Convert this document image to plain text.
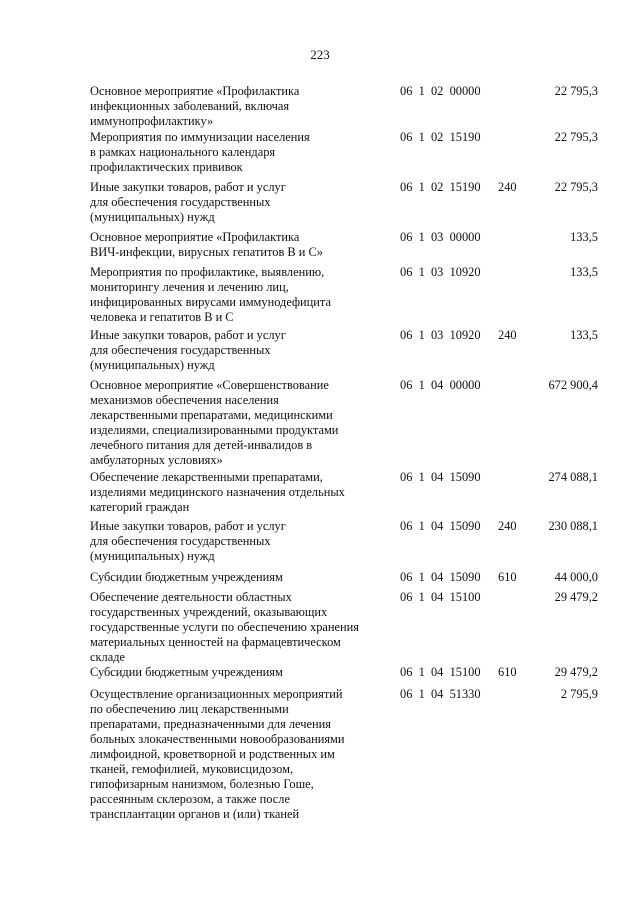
223
Основное мероприятие «Профилактика
инфекционных заболеваний, включая
иммунопрофилактику»
06  1  02  00000	22 795,3
Мероприятия по иммунизации населения
в рамках национального календаря
профилактических прививок
06  1  02  15190	22 795,3
Иные закупки товаров, работ и услуг
для обеспечения государственных
(муниципальных) нужд
06  1  02  15190 240	22 795,3
Основное мероприятие «Профилактика
ВИЧ-инфекции, вирусных гепатитов В и С»
06  1  03  00000	133,5
Мероприятия по профилактике, выявлению,
мониторингу лечения и лечению лиц,
инфицированных вирусами иммунодефицита
человека и гепатитов В и С
06  1  03  10920	133,5
Иные закупки товаров, работ и услуг
для обеспечения государственных
(муниципальных) нужд
06  1  03  10920 240	133,5
Основное мероприятие «Совершенствование
механизмов обеспечения населения
лекарственными препаратами, медицинскими
изделиями, специализированными продуктами
лечебного питания для детей-инвалидов в
амбулаторных условиях»
06  1  04  00000	672 900,4
Обеспечение лекарственными препаратами,
изделиями медицинского назначения отдельных
категорий граждан
06  1  04  15090	274 088,1
Иные закупки товаров, работ и услуг
для обеспечения государственных
(муниципальных) нужд
06  1  04  15090 240	230 088,1
Субсидии бюджетным учреждениям	06  1  04  15090 610	44 000,0
Обеспечение деятельности областных
государственных учреждений, оказывающих
государственные услуги по обеспечению хранения
материальных ценностей на фармацевтическом
складе
06  1  04  15100	29 479,2
Субсидии бюджетным учреждениям	06  1  04  15100 610	29 479,2
Осуществление организационных мероприятий
по обеспечению лиц лекарственными
препаратами, предназначенными для лечения
больных злокачественными новообразованиями
лимфоидной, кроветворной и родственных им
тканей, гемофилией, муковисцидозом,
гипофизарным нанизмом, болезнью Гоше,
рассеянным склерозом, а также после
трансплантации органов и (или) тканей
06  1  04  51330	2 795,9
